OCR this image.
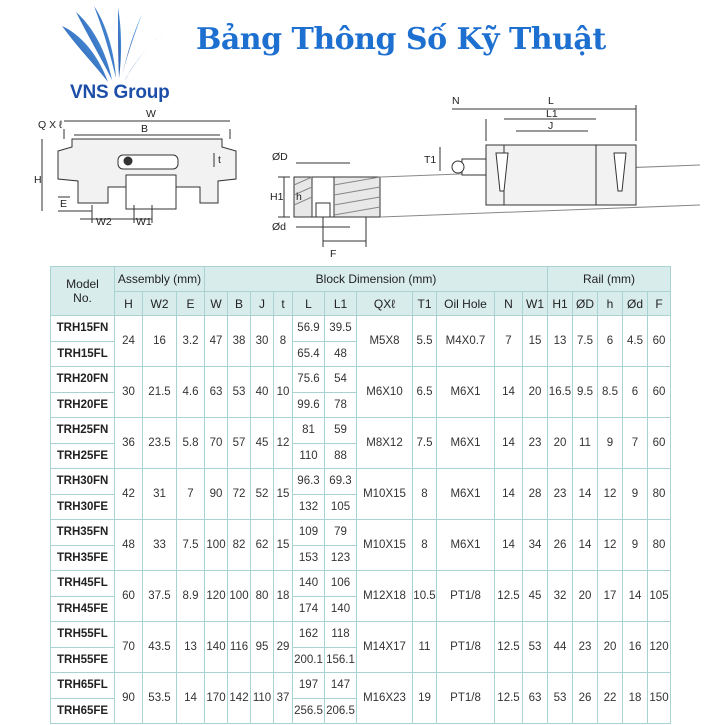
VNS Group
Bảng Thông Số Kỹ Thuật
Q X ℓ
W
B
t
H
E
W2 W1
ØD
H1 h
Ød
F
N	L
L1
J
T1
Model
No.	Assembly (mm)			Block Dimension (mm)											Rail (mm)				
	H	W2	E	W	B	J	t	L	L1	QXℓ	T1	Oil Hole	N	W1	H1	ØD	h	Ød	F
TRH15FN	24	16	3.2	47	38	30	8	56.9	39.5	M5X8	5.5	M4X0.7	7	15	13	7.5	6	4.5	60
TRH15FL								65.4	48										
TRH20FN	30	21.5	4.6	63	53	40	10	75.6	54	M6X10	6.5	M6X1	14	20	16.5	9.5	8.5	6	60
TRH20FE								99.6	78										
TRH25FN	36	23.5	5.8	70	57	45	12	81	59	M8X12	7.5	M6X1	14	23	20	11	9	7	60
TRH25FE								110	88										
TRH30FN	42	31	7	90	72	52	15	96.3	69.3	M10X15	8	M6X1	14	28	23	14	12	9	80
TRH30FE								132	105										
TRH35FN	48	33	7.5	100	82	62	15	109	79	M10X15	8	M6X1	14	34	26	14	12	9	80
TRH35FE								153	123										
TRH45FL	60	37.5	8.9	120	100	80	18	140	106	M12X18	10.5	PT1/8	12.5	45	32	20	17	14	105
TRH45FE								174	140										
TRH55FL	70	43.5	13	140	116	95	29	162	118	M14X17	11	PT1/8	12.5	53	44	23	20	16	120
TRH55FE								200.1	156.1										
TRH65FL	90	53.5	14	170	142	110	37	197	147	M16X23	19	PT1/8	12.5	63	53	26	22	18	150
TRH65FE								256.5	206.5										
